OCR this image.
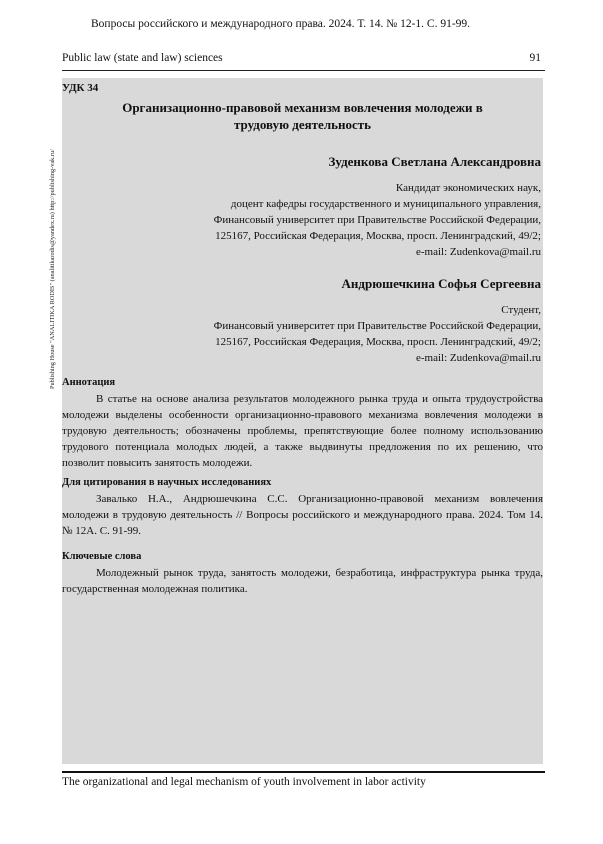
Вопросы российского и международного права. 2024. Т. 14. № 12-1. С. 91-99.
Public law (state and law) sciences	91
Publishing House "ANALITIKA RODIS" (analitikarodis@yandex.ru) http://publishing-vak.ru/
УДК 34
Организационно-правовой механизм вовлечения молодежи в
трудовую деятельность
Зуденкова Светлана Александровна
Кандидат экономических наук,
доцент кафедры государственного и муниципального управления,
Финансовый университет при Правительстве Российской Федерации,
125167, Российская Федерация, Москва, просп. Ленинградский, 49/2;
e-mail: Zudenkova@mail.ru
Андрюшечкина Софья Сергеевна
Студент,
Финансовый университет при Правительстве Российской Федерации,
125167, Российская Федерация, Москва, просп. Ленинградский, 49/2;
e-mail: Zudenkova@mail.ru
Аннотация
В статье на основе анализа результатов молодежного рынка труда и опыта трудоустройства молодежи выделены особенности организационно-правового механизма вовлечения молодежи в трудовую деятельность; обозначены проблемы, препятствующие более полному использованию трудового потенциала молодых людей, а также выдвинуты предложения по их решению, что позволит повысить занятость молодежи.
Для цитирования в научных исследованиях
Завалько Н.А., Андрюшечкина С.С. Организационно-правовой механизм вовлечения молодежи в трудовую деятельность // Вопросы российского и международного права. 2024. Том 14. № 12А. С. 91-99.
Ключевые слова
Молодежный рынок труда, занятость молодежи, безработица, инфраструктура рынка труда, государственная молодежная политика.
The organizational and legal mechanism of youth involvement in labor activity
